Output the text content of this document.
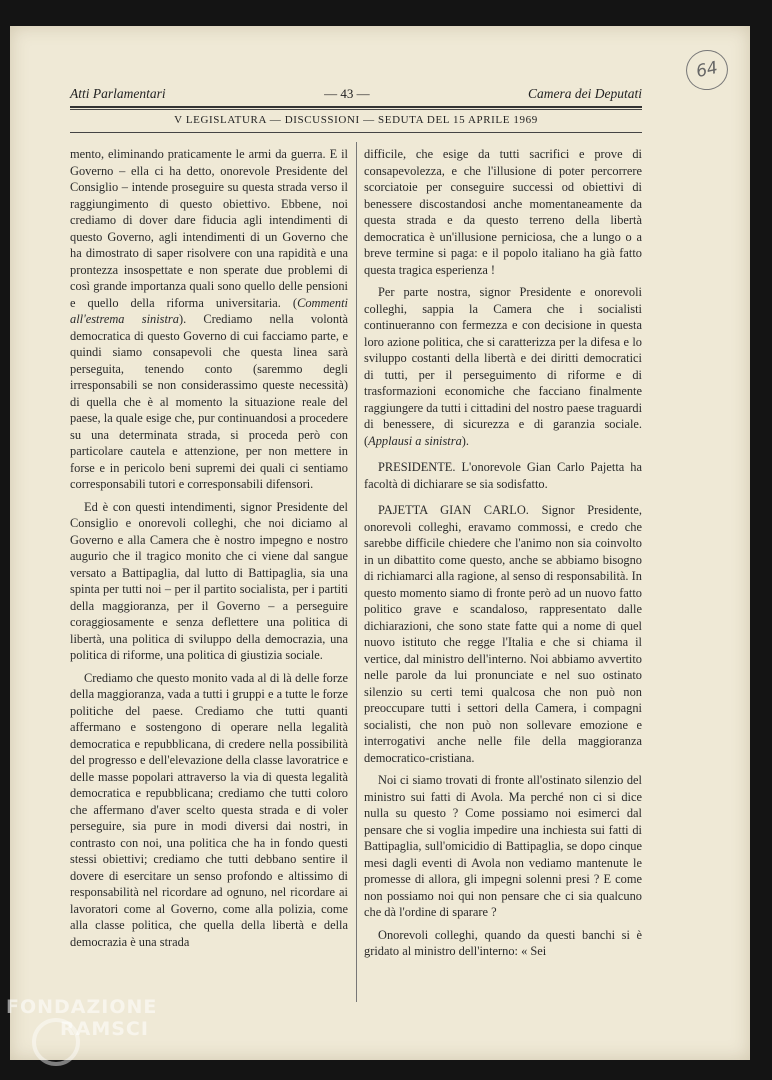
Atti Parlamentari	— 43 —	Camera dei Deputati
V LEGISLATURA — DISCUSSIONI — SEDUTA DEL 15 APRILE 1969
64

mento, eliminando praticamente le armi da guerra. E il Governo – ella ci ha detto, onorevole Presidente del Consiglio – intende proseguire su questa strada verso il raggiungimento di questo obiettivo. Ebbene, noi crediamo di dover dare fiducia agli intendimenti di questo Governo, agli intendimenti di un Governo che ha dimostrato di saper risolvere con una rapidità e una prontezza insospettate e non sperate due problemi di così grande importanza quali sono quello delle pensioni e quello della riforma universitaria. (Commenti all'estrema sinistra). Crediamo nella volontà democratica di questo Governo di cui facciamo parte, e quindi siamo consapevoli che questa linea sarà perseguita, tenendo conto (saremmo degli irresponsabili se non considerassimo queste necessità) di quella che è al momento la situazione reale del paese, la quale esige che, pur continuandosi a procedere su una determinata strada, si proceda però con particolare cautela e attenzione, per non mettere in forse e in pericolo beni supremi dei quali ci sentiamo corresponsabili tutori e corresponsabili difensori.

Ed è con questi intendimenti, signor Presidente del Consiglio e onorevoli colleghi, che noi diciamo al Governo e alla Camera che è nostro impegno e nostro augurio che il tragico monito che ci viene dal sangue versato a Battipaglia, dal lutto di Battipaglia, sia una spinta per tutti noi – per il partito socialista, per i partiti della maggioranza, per il Governo – a perseguire coraggiosamente e senza deflettere una politica di libertà, una politica di sviluppo della democrazia, una politica di riforme, una politica di giustizia sociale.

Crediamo che questo monito vada al di là delle forze della maggioranza, vada a tutti i gruppi e a tutte le forze politiche del paese. Crediamo che tutti quanti affermano e sostengono di operare nella legalità democratica e repubblicana, di credere nella possibilità del progresso e dell'elevazione della classe lavoratrice e delle masse popolari attraverso la via di questa legalità democratica e repubblicana; crediamo che tutti coloro che affermano d'aver scelto questa strada e di voler perseguire, sia pure in modi diversi dai nostri, in contrasto con noi, una politica che ha in fondo questi stessi obiettivi; crediamo che tutti debbano sentire il dovere di esercitare un senso profondo e altissimo di responsabilità nel ricordare ad ognuno, nel ricordare ai lavoratori come al Governo, come alla polizia, come alla classe politica, che quella della libertà e della democrazia è una strada

difficile, che esige da tutti sacrifici e prove di consapevolezza, e che l'illusione di poter percorrere scorciatoie per conseguire successi od obiettivi di benessere discostandosi anche momentaneamente da questa strada e da questo terreno della libertà democratica è un'illusione perniciosa, che a lungo o a breve termine si paga: e il popolo italiano ha già fatto questa tragica esperienza !

Per parte nostra, signor Presidente e onorevoli colleghi, sappia la Camera che i socialisti continueranno con fermezza e con decisione in questa loro azione politica, che si caratterizza per la difesa e lo sviluppo costanti della libertà e dei diritti democratici di tutti, per il perseguimento di riforme e di trasformazioni economiche che facciano finalmente raggiungere da tutti i cittadini del nostro paese traguardi di benessere, di sicurezza e di garanzia sociale. (Applausi a sinistra).

PRESIDENTE. L'onorevole Gian Carlo Pajetta ha facoltà di dichiarare se sia sodisfatto.

PAJETTA GIAN CARLO. Signor Presidente, onorevoli colleghi, eravamo commossi, e credo che sarebbe difficile chiedere che l'animo non sia coinvolto in un dibattito come questo, anche se abbiamo bisogno di richiamarci alla ragione, al senso di responsabilità. In questo momento siamo di fronte però ad un nuovo fatto politico grave e scandaloso, rappresentato dalle dichiarazioni, che sono state fatte qui a nome di quel nuovo istituto che regge l'Italia e che si chiama il vertice, dal ministro dell'interno. Noi abbiamo avvertito nelle parole da lui pronunciate e nel suo ostinato silenzio su certi temi qualcosa che non può non preoccupare tutti i settori della Camera, i compagni socialisti, che non può non sollevare emozione e interrogativi anche nelle file della maggioranza democratico-cristiana.

Noi ci siamo trovati di fronte all'ostinato silenzio del ministro sui fatti di Avola. Ma perché non ci si dice nulla su questo ? Come possiamo noi esimerci dal pensare che si voglia impedire una inchiesta sui fatti di Battipaglia, sull'omicidio di Battipaglia, se dopo cinque mesi dagli eventi di Avola non vediamo mantenute le promesse di allora, gli impegni solenni presi ? E come non possiamo noi qui non pensare che ci sia qualcuno che dà l'ordine di sparare ?

Onorevoli colleghi, quando da questi banchi si è gridato al ministro dell'interno: « Sei

FONDAZIONE
RAMSCI
